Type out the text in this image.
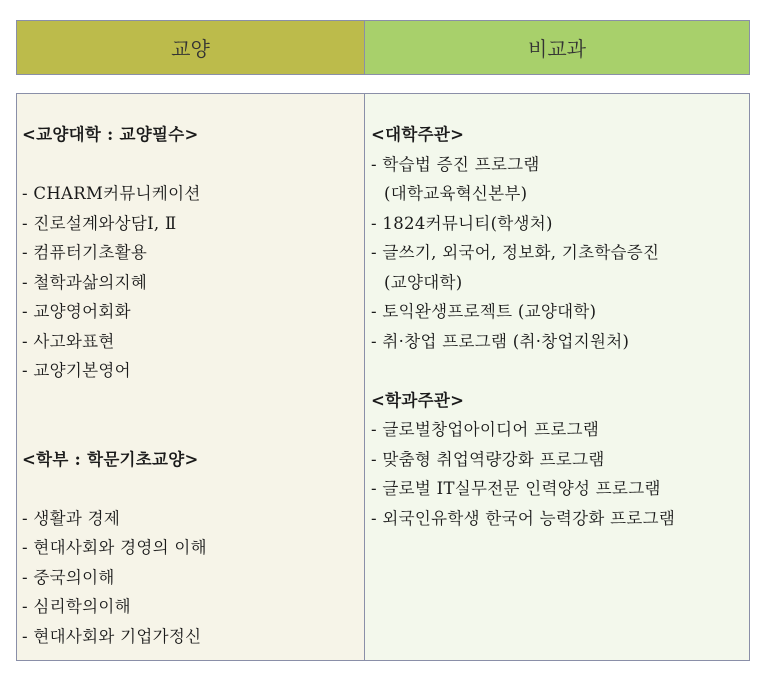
교양	비교과
<교양대학 : 교양필수>
- CHARM커뮤니케이션
- 진로설계와상담Ⅰ, Ⅱ
- 컴퓨터기초활용
- 철학과삶의지혜
- 교양영어회화
- 사고와표현
- 교양기본영어
<학부 : 학문기초교양>
- 생활과 경제
- 현대사회와 경영의 이해
- 중국의이해
- 심리학의이해
- 현대사회와 기업가정신
<대학주관>
- 학습법 증진 프로그램
(대학교육혁신본부)
- 1824커뮤니티(학생처)
- 글쓰기, 외국어, 정보화, 기초학습증진
(교양대학)
- 토익완생프로젝트 (교양대학)
- 취·창업 프로그램 (취·창업지원처)
<학과주관>
- 글로벌창업아이디어 프로그램
- 맞춤형 취업역량강화 프로그램
- 글로벌 IT실무전문 인력양성 프로그램
- 외국인유학생 한국어 능력강화 프로그램
